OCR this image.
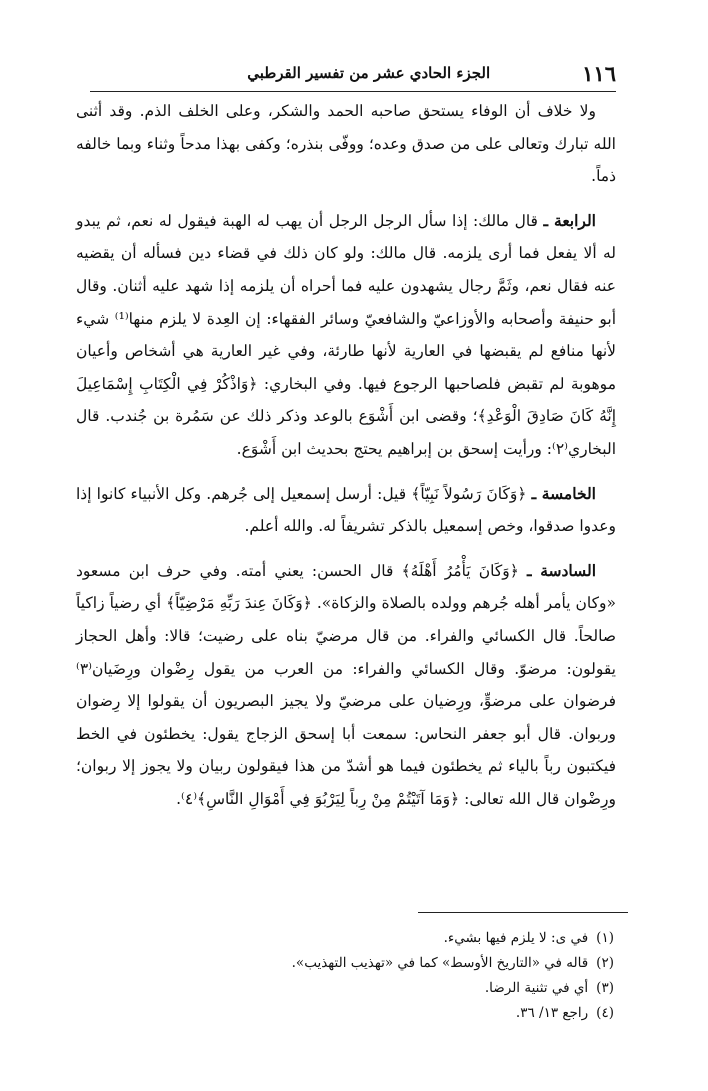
١١٦
الجزء الحادي عشر من تفسير القرطبي

ولا خلاف أن الوفاء يستحق صاحبه الحمد والشكر، وعلى الخلف الذم. وقد أثنى الله تبارك وتعالى على من صدق وعده؛ ووفّى بنذره؛ وكفى بهذا مدحاً وثناء وبما خالفه ذماً.

الرابعة ـ قال مالك: إذا سأل الرجل الرجل أن يهب له الهبة فيقول له نعم، ثم يبدو له ألا يفعل فما أرى يلزمه. قال مالك: ولو كان ذلك في قضاء دين فسأله أن يقضيه عنه فقال نعم، وثَمَّ رجال يشهدون عليه فما أحراه أن يلزمه إذا شهد عليه أثنان. وقال أبو حنيفة وأصحابه والأوزاعيّ والشافعيّ وسائر الفقهاء: إن العِدة لا يلزم منها⁽¹⁾ شيء لأنها منافع لم يقبضها في العارية لأنها طارئة، وفي غير العارية هي أشخاص وأعيان موهوبة لم تقبض فلصاحبها الرجوع فيها. وفي البخاري: ﴿وَاذْكُرْ فِي الْكِتَابِ إِسْمَاعِيلَ إِنَّهُ كَانَ صَادِقَ الْوَعْدِ﴾؛ وقضى ابن أَشْوَع بالوعد وذكر ذلك عن سَمُرة بن جُندب. قال البخاري⁽٢⁾: ورأيت إسحق بن إبراهيم يحتج بحديث ابن أَشْوَع.

الخامسة ـ ﴿وَكَانَ رَسُولاً نَبِيّاً﴾ قيل: أرسل إسمعيل إلى جُرهم. وكل الأنبياء كانوا إذا وعدوا صدقوا، وخص إسمعيل بالذكر تشريفاً له. والله أعلم.

السادسة ـ ﴿وَكَانَ يَأْمُرُ أَهْلَهُ﴾ قال الحسن: يعني أمته. وفي حرف ابن مسعود «وكان يأمر أهله جُرهم وولده بالصلاة والزكاة». ﴿وَكَانَ عِندَ رَبِّهِ مَرْضِيّاً﴾ أي رضياً زاكياً صالحاً. قال الكسائي والفراء. من قال مرضيّ بناه على رضيت؛ قالا: وأهل الحجاز يقولون: مرضوّ. وقال الكسائي والفراء: من العرب من يقول رِضْوان ورِضَيان⁽٣⁾ فرضوان على مرضوٍّ، ورِضيان على مرضيّ ولا يجيز البصريون أن يقولوا إلا رِضوان وربوان. قال أبو جعفر النحاس: سمعت أبا إسحق الزجاج يقول: يخطئون في الخط فيكتبون رباً بالياء ثم يخطئون فيما هو أشدّ من هذا فيقولون ربيان ولا يجوز إلا ربوان؛ ورِضْوان قال الله تعالى: ﴿وَمَا آتَيْتُمْ مِنْ رِباً لِيَرْبُوَ فِي أَمْوَالِ النَّاسِ﴾⁽٤⁾.

(١)
في ى: لا يلزم فيها بشيء.
(٢)
قاله في «التاريخ الأوسط» كما في «تهذيب التهذيب».
(٣)
أي في تثنية الرضا.
(٤)
راجع ١٣/ ٣٦.
